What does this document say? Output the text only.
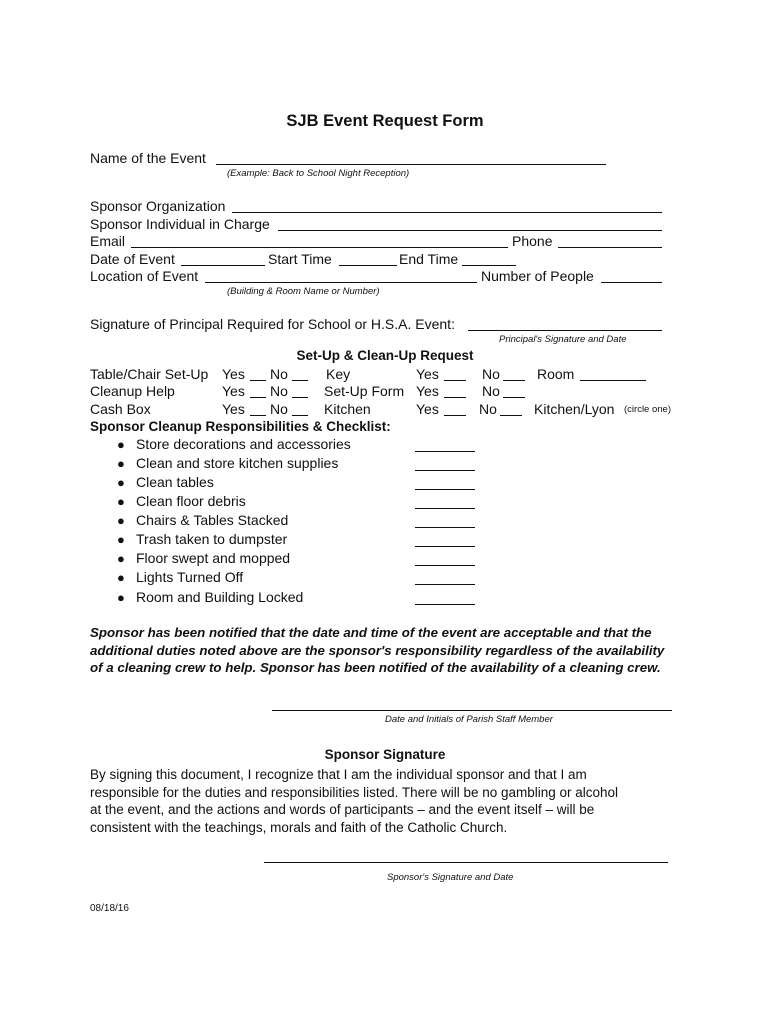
SJB Event Request Form
Name of the Event
(Example: Back to School Night Reception)
Sponsor Organization
Sponsor Individual in Charge
Email	Phone
Date of Event	Start Time	End Time
Location of Event	Number of People
(Building & Room Name or Number)
Signature of Principal Required for School or H.S.A. Event:
Principal's Signature and Date
Set-Up & Clean-Up Request
Table/Chair Set-Up Yes No	Key	Yes	No	Room
Cleanup Help	Yes No	Set-Up Form Yes	No
Cash Box	Yes No	Kitchen	Yes	No	Kitchen/Lyon (circle one)
Sponsor Cleanup Responsibilities & Checklist:
● Store decorations and accessories
● Clean and store kitchen supplies
● Clean tables
● Clean floor debris
● Chairs & Tables Stacked
● Trash taken to dumpster
● Floor swept and mopped
● Lights Turned Off
● Room and Building Locked
Sponsor has been notified that the date and time of the event are acceptable and that the
additional duties noted above are the sponsor's responsibility regardless of the availability
of a cleaning crew to help. Sponsor has been notified of the availability of a cleaning crew.
Date and Initials of Parish Staff Member
Sponsor Signature
By signing this document, I recognize that I am the individual sponsor and that I am
responsible for the duties and responsibilities listed. There will be no gambling or alcohol
at the event, and the actions and words of participants – and the event itself – will be
consistent with the teachings, morals and faith of the Catholic Church.
Sponsor's Signature and Date
08/18/16
